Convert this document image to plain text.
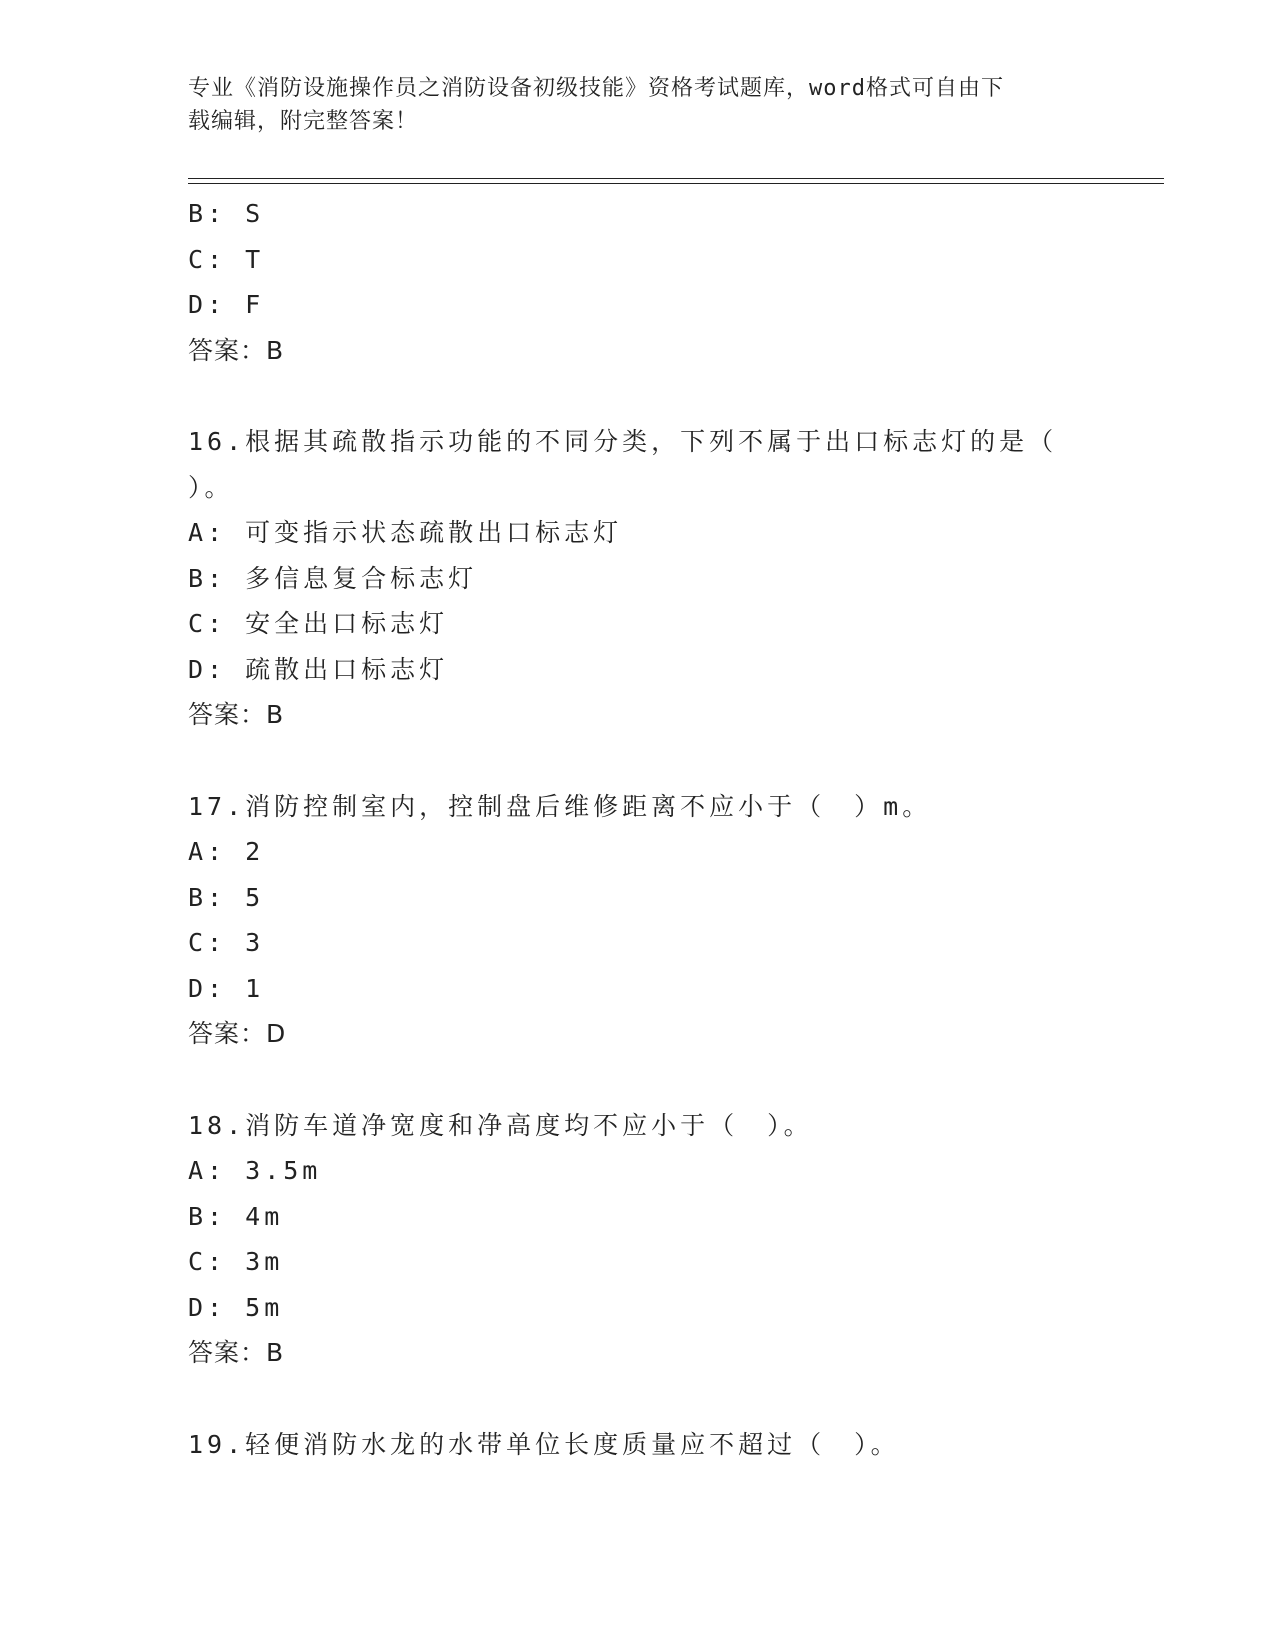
专业《消防设施操作员之消防设备初级技能》资格考试题库，word格式可自由下
载编辑，附完整答案！
B: S
C: T
D: F
答案：B
16.根据其疏散指示功能的不同分类，下列不属于出口标志灯的是（
）。
A: 可变指示状态疏散出口标志灯
B: 多信息复合标志灯
C: 安全出口标志灯
D: 疏散出口标志灯
答案：B
17.消防控制室内，控制盘后维修距离不应小于（　）m。
A: 2
B: 5
C: 3
D: 1
答案：D
18.消防车道净宽度和净高度均不应小于（　）。
A: 3.5m
B: 4m
C: 3m
D: 5m
答案：B
19.轻便消防水龙的水带单位长度质量应不超过（　）。
